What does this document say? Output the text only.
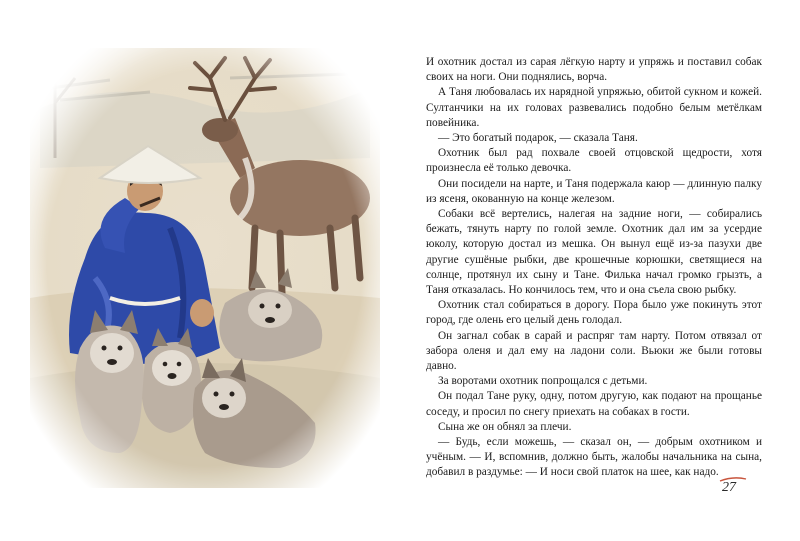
И охотник достал из сарая лёгкую нарту и упряжь и поставил собак своих на ноги. Они поднялись, ворча.

А Таня любовалась их нарядной упряжью, обитой сукном и кожей. Султанчики на их головах развевались подобно белым метёлкам повейника.

— Это богатый подарок, — сказала Таня.

Охотник был рад похвале своей отцовской щедрости, хотя произнесла её только девочка.

Они посидели на нарте, и Таня подержала каюр — длинную палку из ясеня, окованную на конце железом.

Собаки всё вертелись, налегая на задние ноги, — собирались бежать, тянуть нарту по голой земле. Охотник дал им за усердие юколу, которую достал из мешка. Он вынул ещё из-за пазухи две другие сушёные рыбки, две крошечные корюшки, светящиеся на солнце, протянул их сыну и Тане. Филька начал громко грызть, а Таня отказалась. Но кончилось тем, что и она съела свою рыбку.

Охотник стал собираться в дорогу. Пора было уже покинуть этот город, где олень его целый день голодал.

Он загнал собак в сарай и распряг там нарту. Потом отвязал от забора оленя и дал ему на ладони соли. Вьюки же были готовы давно.

За воротами охотник попрощался с детьми.

Он подал Тане руку, одну, потом другую, как подают на прощанье соседу, и просил по снегу приехать на собаках в гости.

Сына же он обнял за плечи.

— Будь, если можешь, — сказал он, — добрым охотником и учёным. — И, вспомнив, должно быть, жалобы начальника на сына, добавил в раздумье: — И носи свой платок на шее, как надо.

27
